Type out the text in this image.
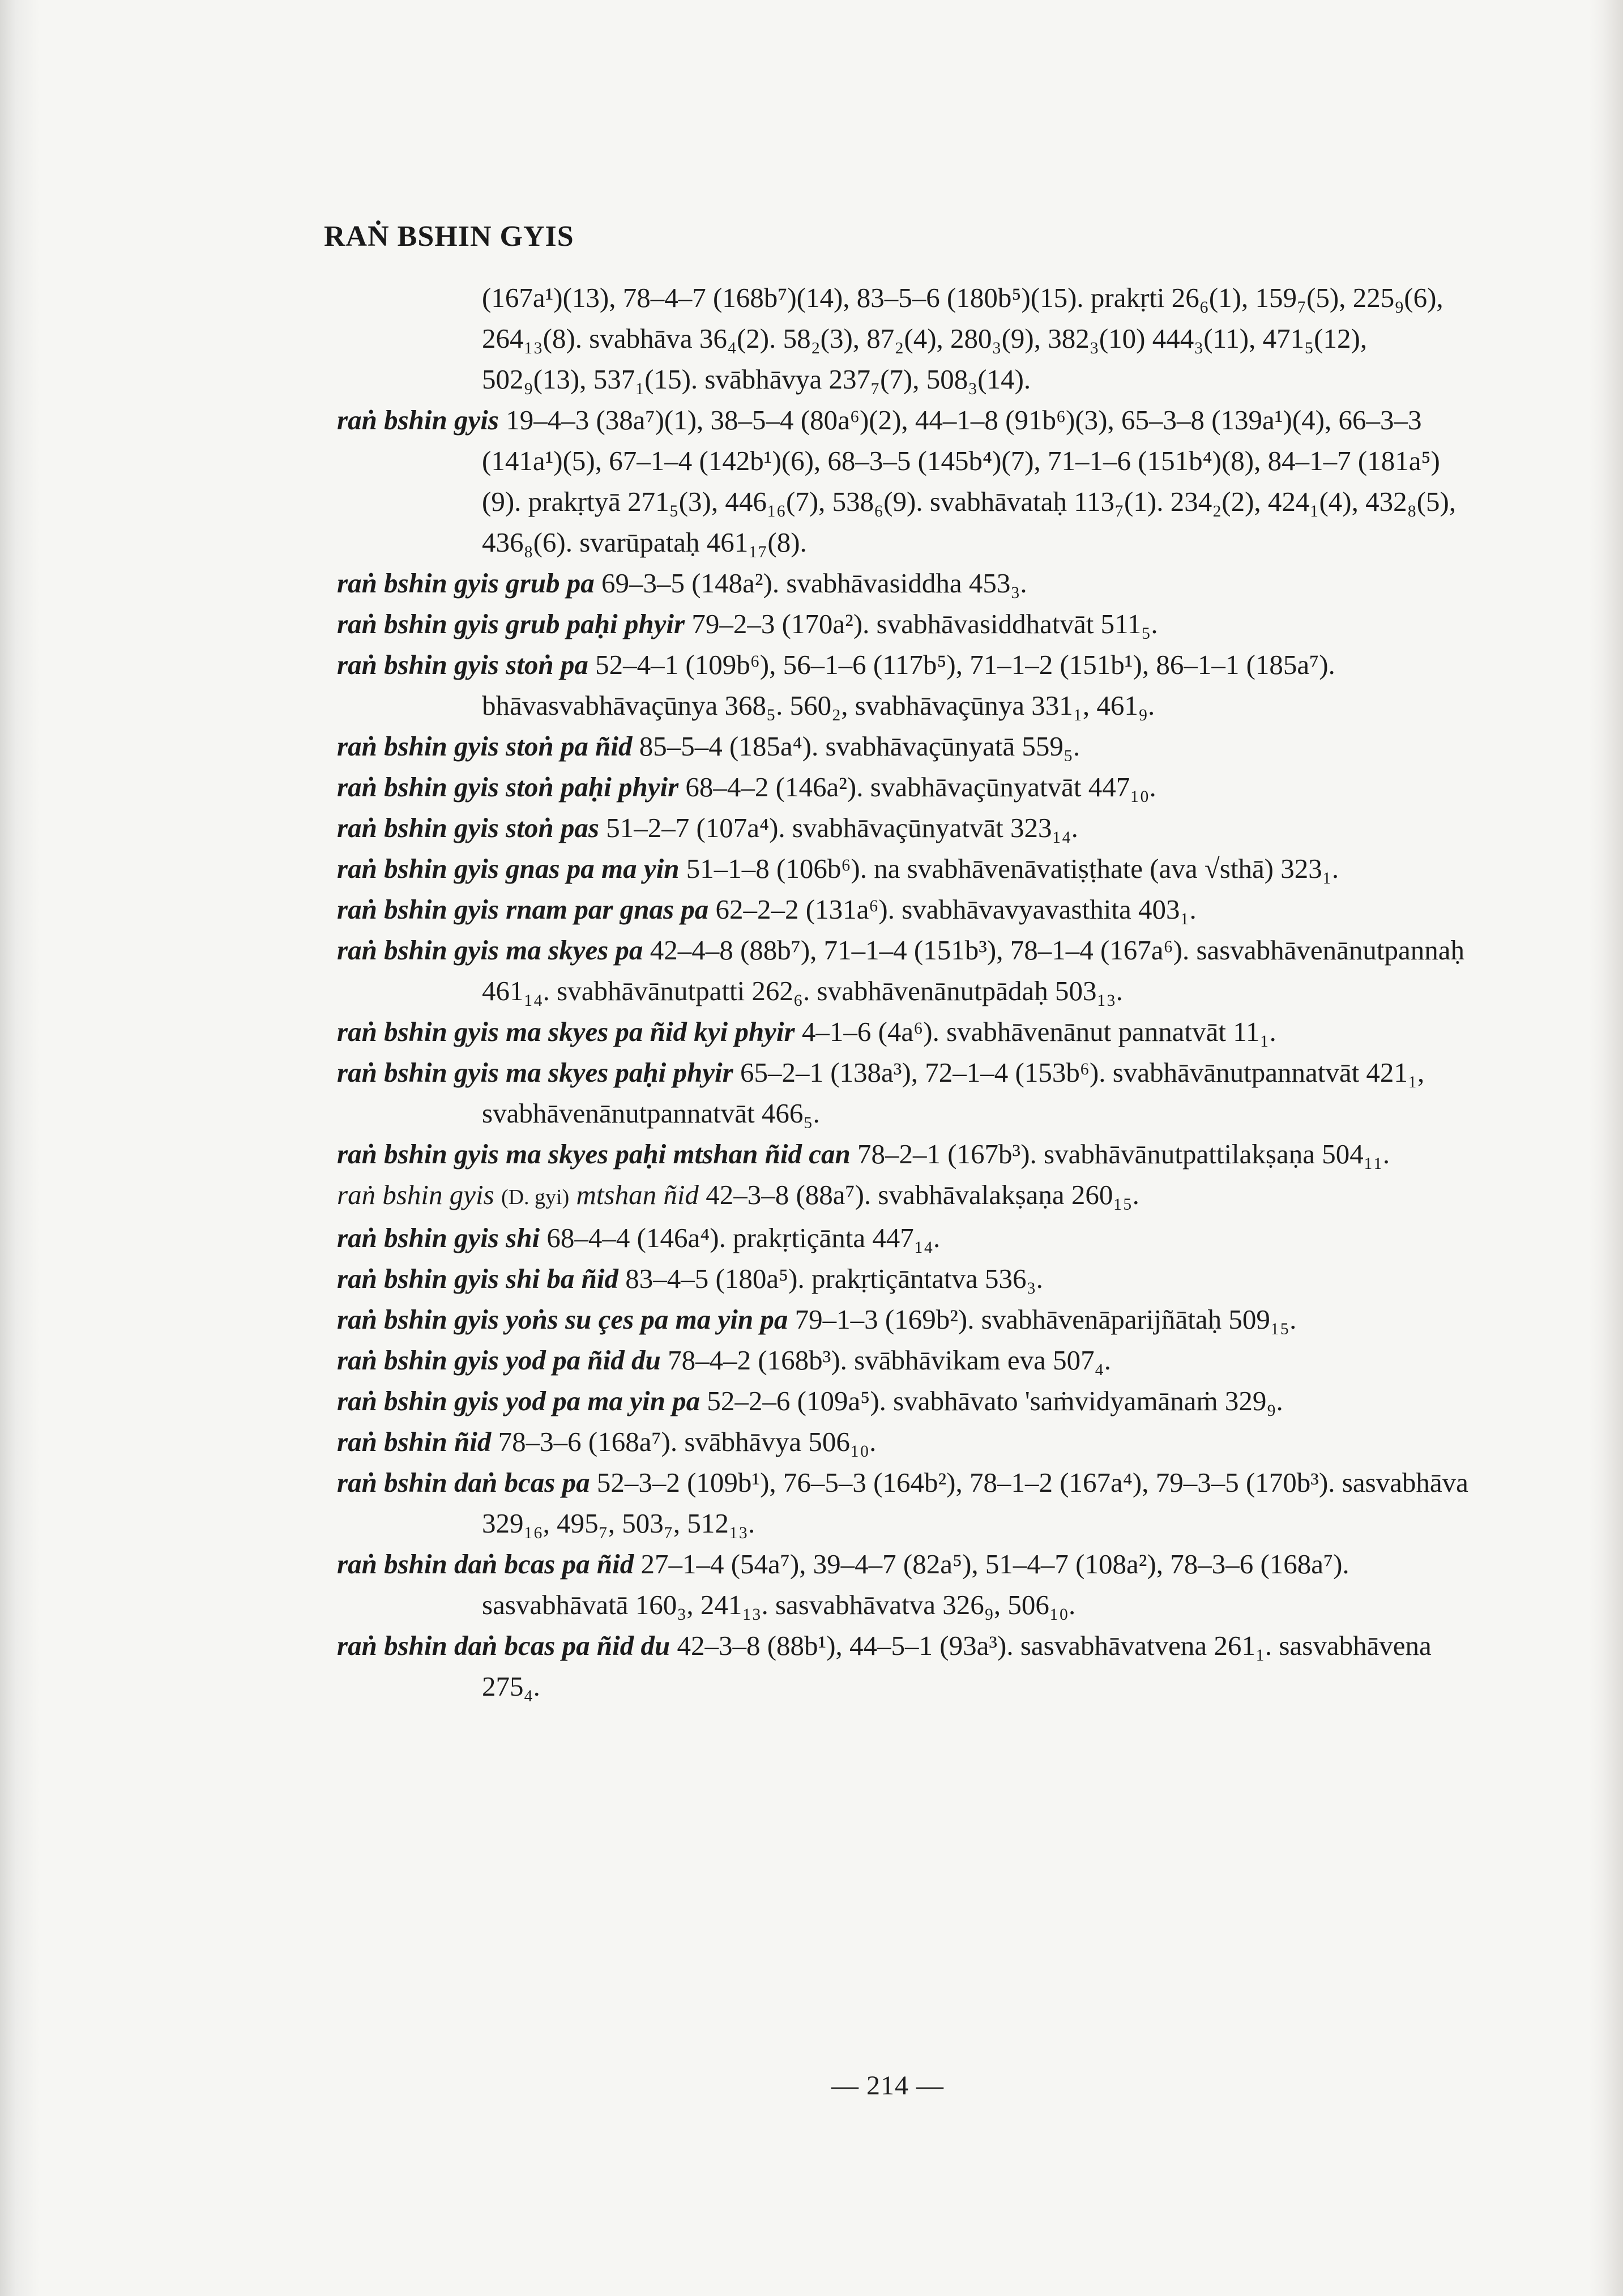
RAṄ BSHIN GYIS
(167a¹)(13), 78–4–7 (168b⁷)(14), 83–5–6 (180b⁵)(15). prakṛti 26₆(1), 159₇(5), 225₉(6), 264₁₃(8). svabhāva 36₄(2). 58₂(3), 87₂(4), 280₃(9), 382₃(10) 444₃(11), 471₅(12), 502₉(13), 537₁(15). svābhāvya 237₇(7), 508₃(14).
raṅ bshin gyis 19–4–3 (38a⁷)(1), 38–5–4 (80a⁶)(2), 44–1–8 (91b⁶)(3), 65–3–8 (139a¹)(4), 66–3–3 (141a¹)(5), 67–1–4 (142b¹)(6), 68–3–5 (145b⁴)(7), 71–1–6 (151b⁴)(8), 84–1–7 (181a⁵)(9). prakṛtyā 271₅(3), 446₁₆(7), 538₆(9). svabhāvataḥ 113₇(1). 234₂(2), 424₁(4), 432₈(5), 436₈(6). svarūpataḥ 461₁₇(8).
raṅ bshin gyis grub pa 69–3–5 (148a²). svabhāvasiddha 453₃.
raṅ bshin gyis grub paḥi phyir 79–2–3 (170a²). svabhāvasiddhatvāt 511₅.
raṅ bshin gyis stoṅ pa 52–4–1 (109b⁶), 56–1–6 (117b⁵), 71–1–2 (151b¹), 86–1–1 (185a⁷). bhāvasvabhāvaçūnya 368₅. 560₂, svabhāvaçūnya 331₁, 461₉.
raṅ bshin gyis stoṅ pa ñid 85–5–4 (185a⁴). svabhāvaçūnyatā 559₅.
raṅ bshin gyis stoṅ paḥi phyir 68–4–2 (146a²). svabhāvaçūnyatvāt 447₁₀.
raṅ bshin gyis stoṅ pas 51–2–7 (107a⁴). svabhāvaçūnyatvāt 323₁₄.
raṅ bshin gyis gnas pa ma yin 51–1–8 (106b⁶). na svabhāvenāvatiṣṭhate (ava √sthā) 323₁.
raṅ bshin gyis rnam par gnas pa 62–2–2 (131a⁶). svabhāvavyavasthita 403₁.
raṅ bshin gyis ma skyes pa 42–4–8 (88b⁷), 71–1–4 (151b³), 78–1–4 (167a⁶). sasvabhāvenānutpannaḥ 461₁₄. svabhāvānutpatti 262₆. svabhāvenānutpādaḥ 503₁₃.
raṅ bshin gyis ma skyes pa ñid kyi phyir 4–1–6 (4a⁶). svabhāvenānut pannatvāt 11₁.
raṅ bshin gyis ma skyes paḥi phyir 65–2–1 (138a³), 72–1–4 (153b⁶). svabhāvānutpannatvāt 421₁, svabhāvenānutpannatvāt 466₅.
raṅ bshin gyis ma skyes paḥi mtshan ñid can 78–2–1 (167b³). svabhāvānutpattilakṣaṇa 504₁₁.
raṅ bshin gyis (D. gyi) mtshan ñid 42–3–8 (88a⁷). svabhāvalakṣaṇa 260₁₅.
raṅ bshin gyis shi 68–4–4 (146a⁴). prakṛtiçānta 447₁₄.
raṅ bshin gyis shi ba ñid 83–4–5 (180a⁵). prakṛtiçāntatva 536₃.
raṅ bshin gyis yoṅs su çes pa ma yin pa 79–1–3 (169b²). svabhāvenāparijñātaḥ 509₁₅.
raṅ bshin gyis yod pa ñid du 78–4–2 (168b³). svābhāvikam eva 507₄.
raṅ bshin gyis yod pa ma yin pa 52–2–6 (109a⁵). svabhāvato 'saṁvidyamānaṁ 329₉.
raṅ bshin ñid 78–3–6 (168a⁷). svābhāvya 506₁₀.
raṅ bshin daṅ bcas pa 52–3–2 (109b¹), 76–5–3 (164b²), 78–1–2 (167a⁴), 79–3–5 (170b³). sasvabhāva 329₁₆, 495₇, 503₇, 512₁₃.
raṅ bshin daṅ bcas pa ñid 27–1–4 (54a⁷), 39–4–7 (82a⁵), 51–4–7 (108a²), 78–3–6 (168a⁷). sasvabhāvatā 160₃, 241₁₃. sasvabhāvatva 326₉, 506₁₀.
raṅ bshin daṅ bcas pa ñid du 42–3–8 (88b¹), 44–5–1 (93a³). sasvabhāvatvena 261₁. sasvabhāvena 275₄.
— 214 —
